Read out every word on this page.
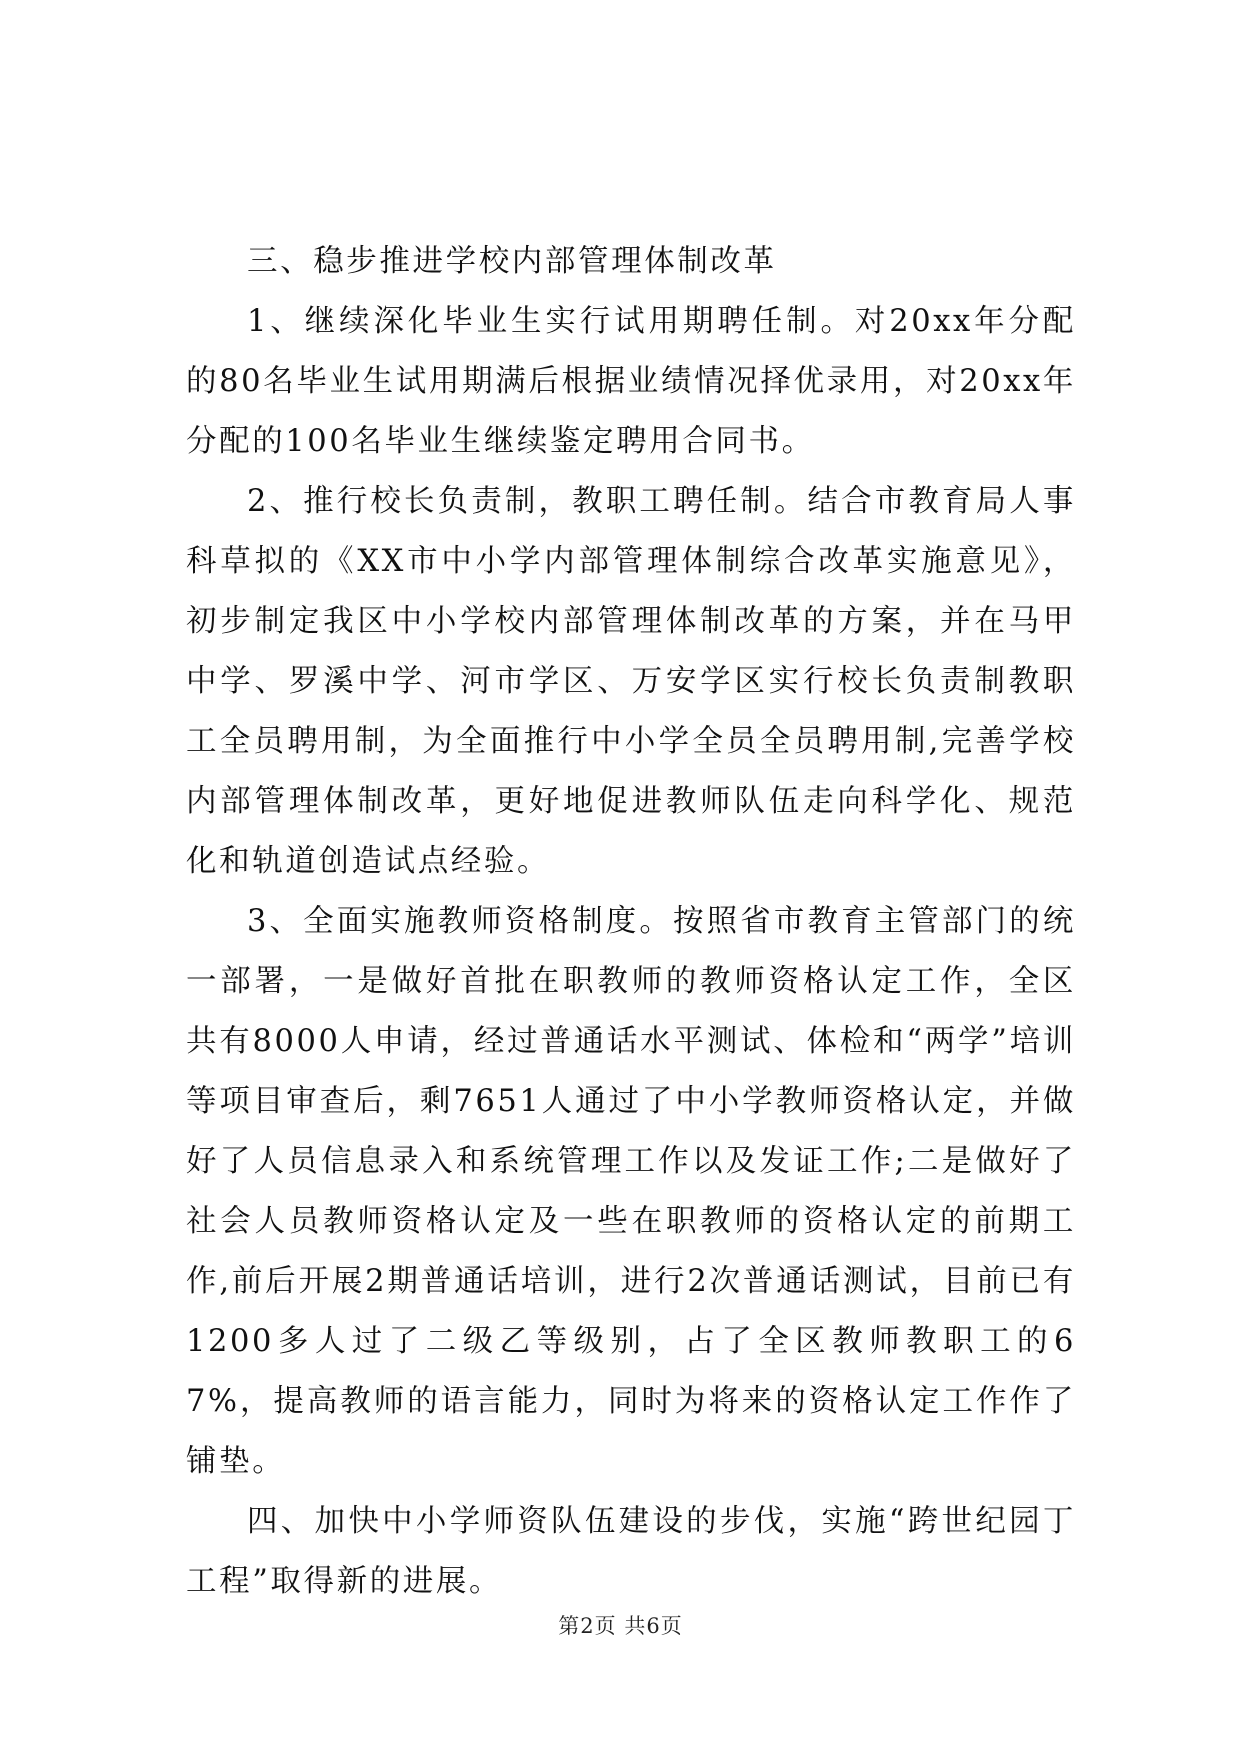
三、稳步推进学校内部管理体制改革

1、继续深化毕业生实行试用期聘任制。对20xx年分配的80名毕业生试用期满后根据业绩情况择优录用，对20xx年分配的100名毕业生继续鉴定聘用合同书。

2、推行校长负责制，教职工聘任制。结合市教育局人事科草拟的《XX市中小学内部管理体制综合改革实施意见》，初步制定我区中小学校内部管理体制改革的方案，并在马甲中学、罗溪中学、河市学区、万安学区实行校长负责制教职工全员聘用制，为全面推行中小学全员全员聘用制,完善学校内部管理体制改革，更好地促进教师队伍走向科学化、规范化和轨道创造试点经验。

3、全面实施教师资格制度。按照省市教育主管部门的统一部署，一是做好首批在职教师的教师资格认定工作，全区共有8000人申请，经过普通话水平测试、体检和“两学”培训等项目审查后，剩7651人通过了中小学教师资格认定，并做好了人员信息录入和系统管理工作以及发证工作;二是做好了社会人员教师资格认定及一些在职教师的资格认定的前期工作,前后开展2期普通话培训，进行2次普通话测试，目前已有1200多人过了二级乙等级别，占了全区教师教职工的67%，提高教师的语言能力，同时为将来的资格认定工作作了铺垫。

四、加快中小学师资队伍建设的步伐，实施“跨世纪园丁工程”取得新的进展。

第2页 共6页
